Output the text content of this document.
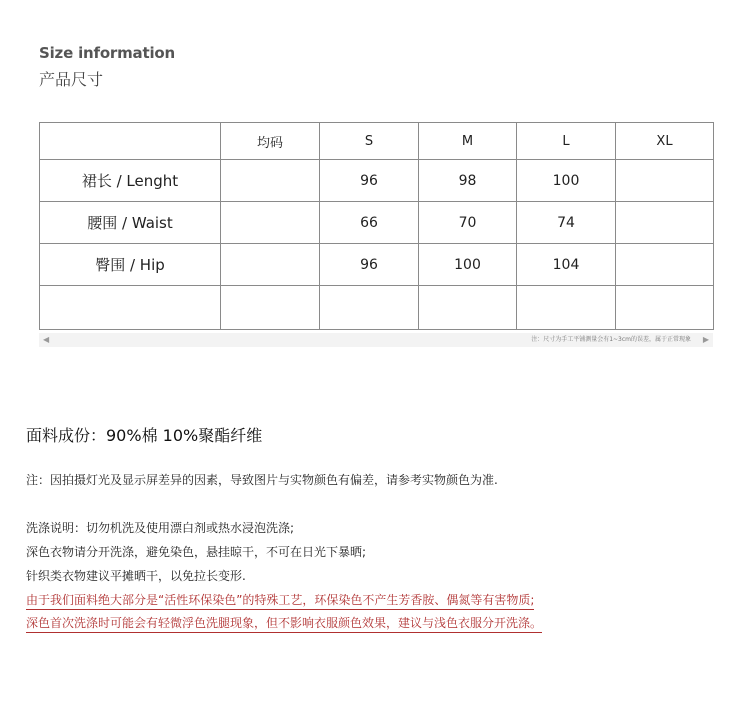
Size information
产品尺寸
	均码	S	M	L	XL
裙长 / Lenght		96	98	100	
腰围 / Waist		66	70	74	
臀围 / Hip		96	100	104	

◀	注：尺寸为手工平铺测量会有1~3cm的误差，属于正常现象 ▶
面料成份：90%棉 10%聚酯纤维
注：因拍摄灯光及显示屏差异的因素，导致图片与实物颜色有偏差，请参考实物颜色为准.
洗涤说明：切勿机洗及使用漂白剂或热水浸泡洗涤;
深色衣物请分开洗涤，避免染色，悬挂晾干，不可在日光下暴晒;
针织类衣物建议平摊晒干，以免拉长变形.
由于我们面料绝大部分是“活性环保染色”的特殊工艺，环保染色不产生芳香胺、偶氮等有害物质;
深色首次洗涤时可能会有轻微浮色洗腿现象，但不影响衣服颜色效果，建议与浅色衣服分开洗涤。
